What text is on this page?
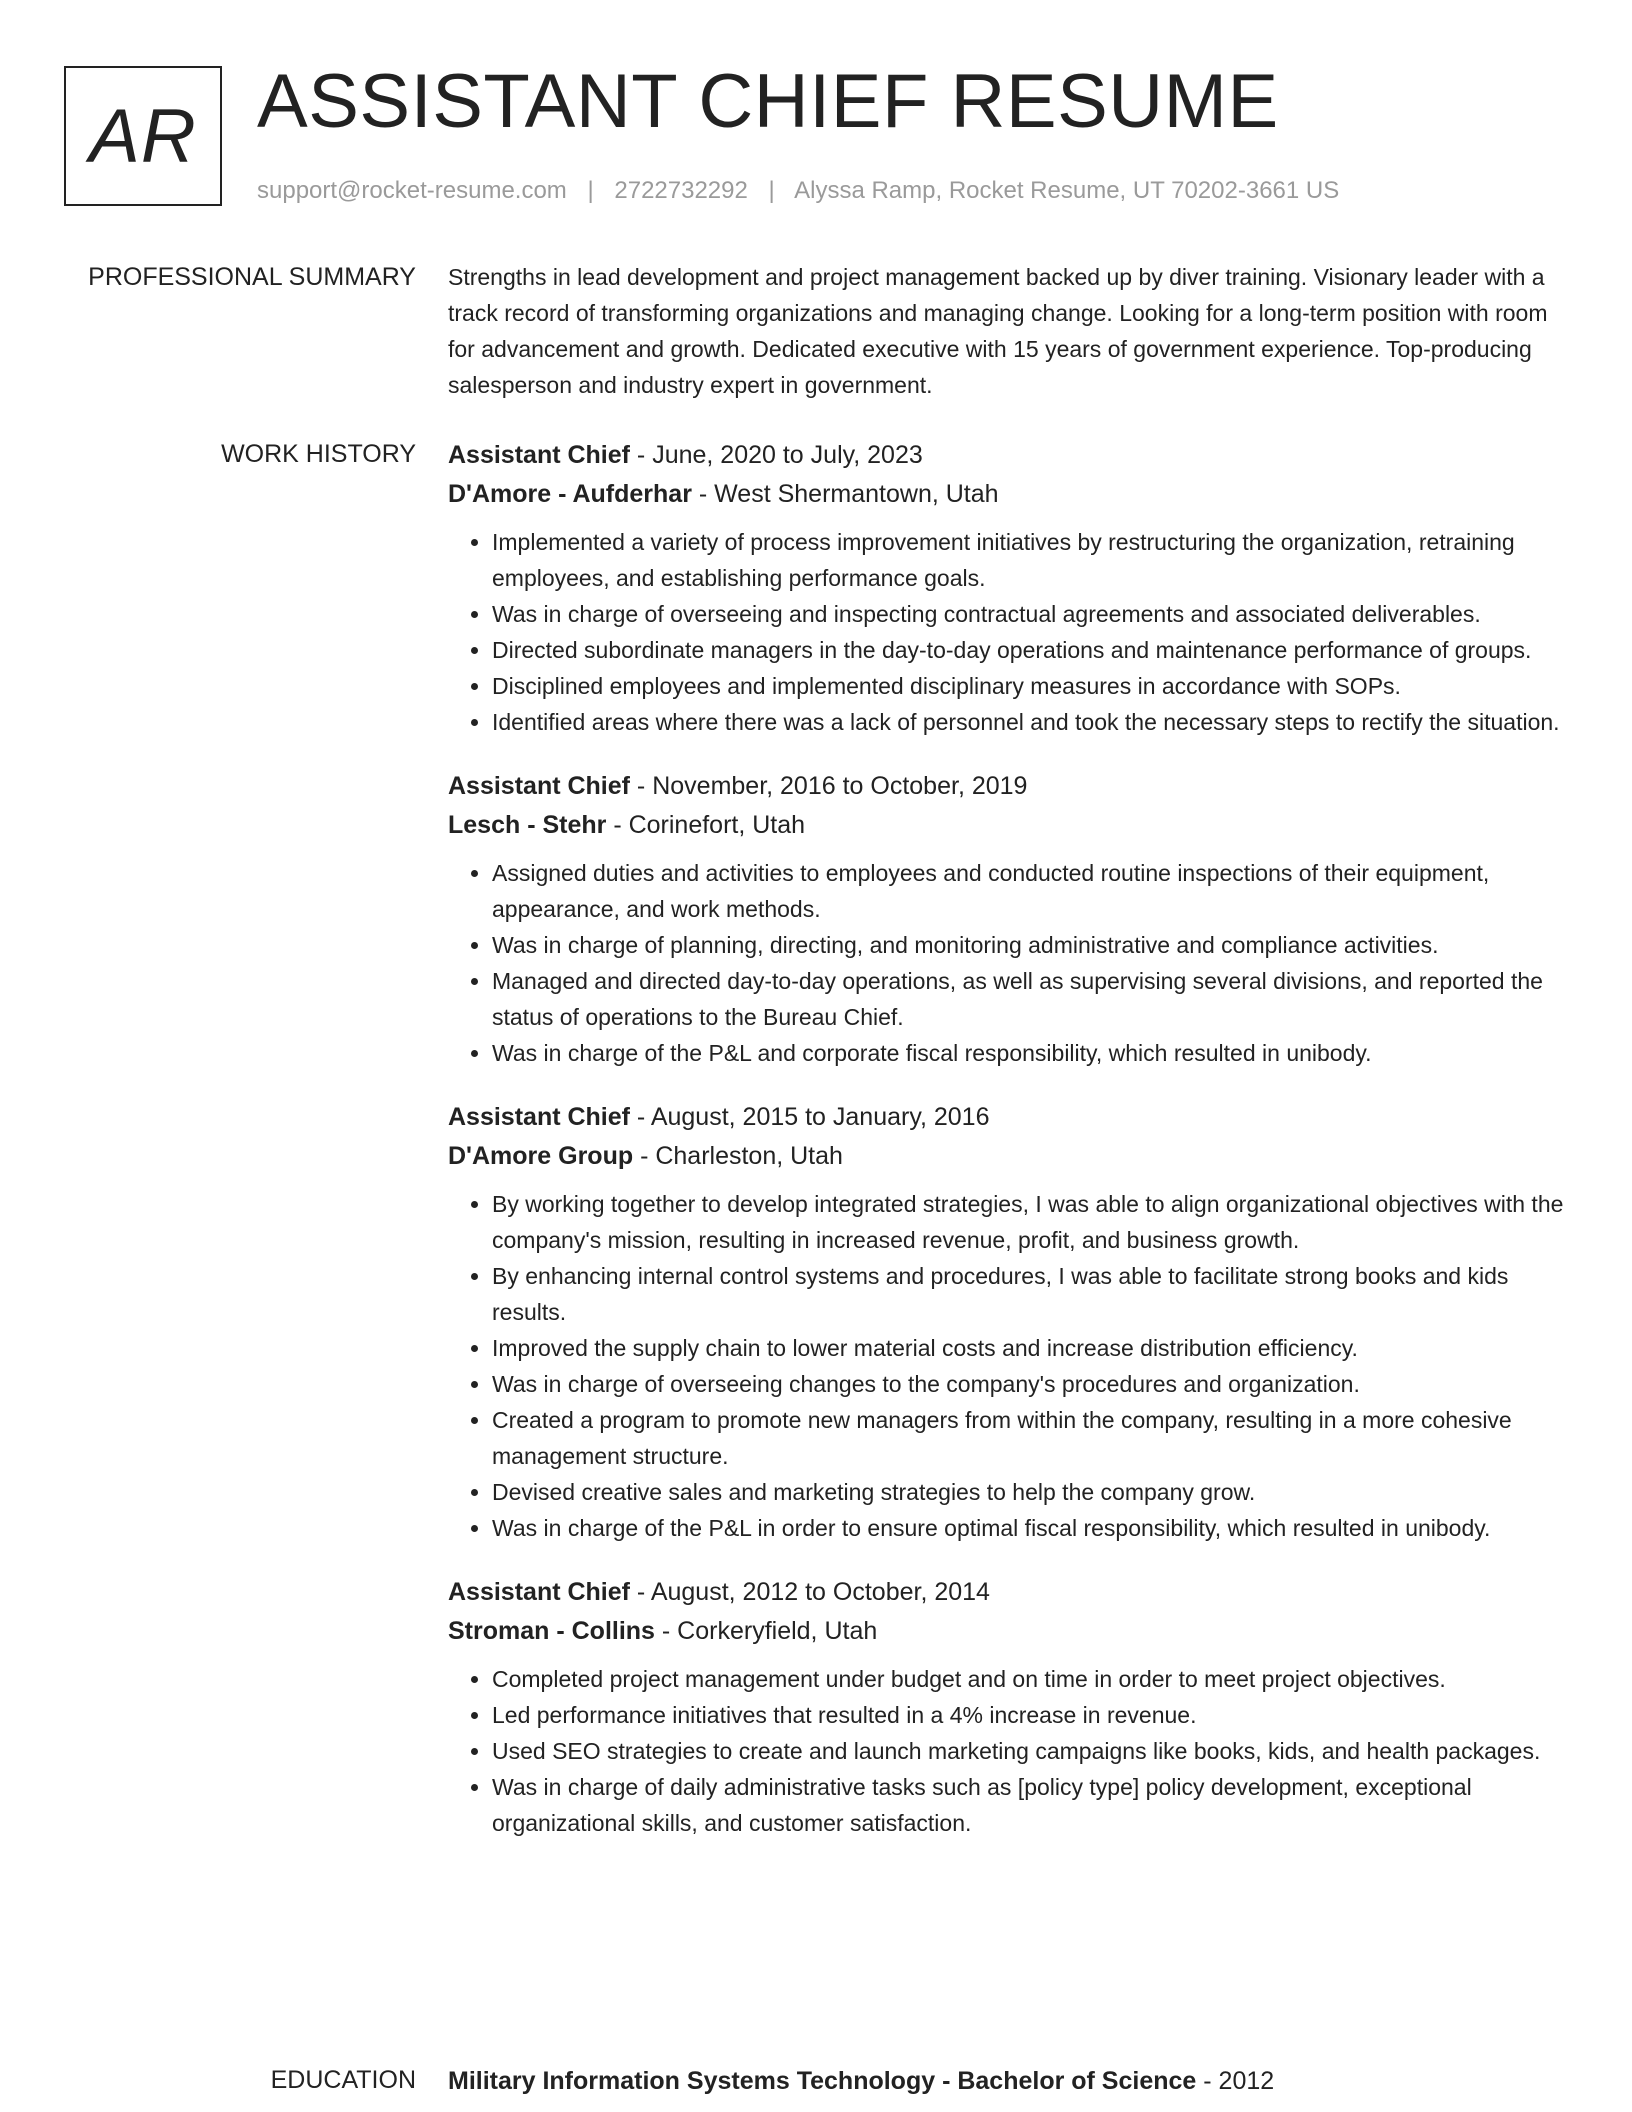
AR ASSISTANT CHIEF RESUME
support@rocket-resume.com | 2722732292 | Alyssa Ramp, Rocket Resume, UT 70202-3661 US
PROFESSIONAL SUMMARY Strengths in lead development and project management backed up by diver training. Visionary leader with a track record of transforming organizations and managing change. Looking for a long-term position with room for advancement and growth. Dedicated executive with 15 years of government experience. Top-producing salesperson and industry expert in government.
WORK HISTORY Assistant Chief - June, 2020 to July, 2023
D'Amore - Aufderhar - West Shermantown, Utah
• Implemented a variety of process improvement initiatives by restructuring the organization, retraining employees, and establishing performance goals.
• Was in charge of overseeing and inspecting contractual agreements and associated deliverables.
• Directed subordinate managers in the day-to-day operations and maintenance performance of groups.
• Disciplined employees and implemented disciplinary measures in accordance with SOPs.
• Identified areas where there was a lack of personnel and took the necessary steps to rectify the situation.
Assistant Chief - November, 2016 to October, 2019
Lesch - Stehr - Corinefort, Utah
• Assigned duties and activities to employees and conducted routine inspections of their equipment, appearance, and work methods.
• Was in charge of planning, directing, and monitoring administrative and compliance activities.
• Managed and directed day-to-day operations, as well as supervising several divisions, and reported the status of operations to the Bureau Chief.
• Was in charge of the P&L and corporate fiscal responsibility, which resulted in unibody.
Assistant Chief - August, 2015 to January, 2016
D'Amore Group - Charleston, Utah
• By working together to develop integrated strategies, I was able to align organizational objectives with the company's mission, resulting in increased revenue, profit, and business growth.
• By enhancing internal control systems and procedures, I was able to facilitate strong books and kids results.
• Improved the supply chain to lower material costs and increase distribution efficiency.
• Was in charge of overseeing changes to the company's procedures and organization.
• Created a program to promote new managers from within the company, resulting in a more cohesive management structure.
• Devised creative sales and marketing strategies to help the company grow.
• Was in charge of the P&L in order to ensure optimal fiscal responsibility, which resulted in unibody.
Assistant Chief - August, 2012 to October, 2014
Stroman - Collins - Corkeryfield, Utah
• Completed project management under budget and on time in order to meet project objectives.
• Led performance initiatives that resulted in a 4% increase in revenue.
• Used SEO strategies to create and launch marketing campaigns like books, kids, and health packages.
• Was in charge of daily administrative tasks such as [policy type] policy development, exceptional organizational skills, and customer satisfaction.
EDUCATION Military Information Systems Technology - Bachelor of Science - 2012
